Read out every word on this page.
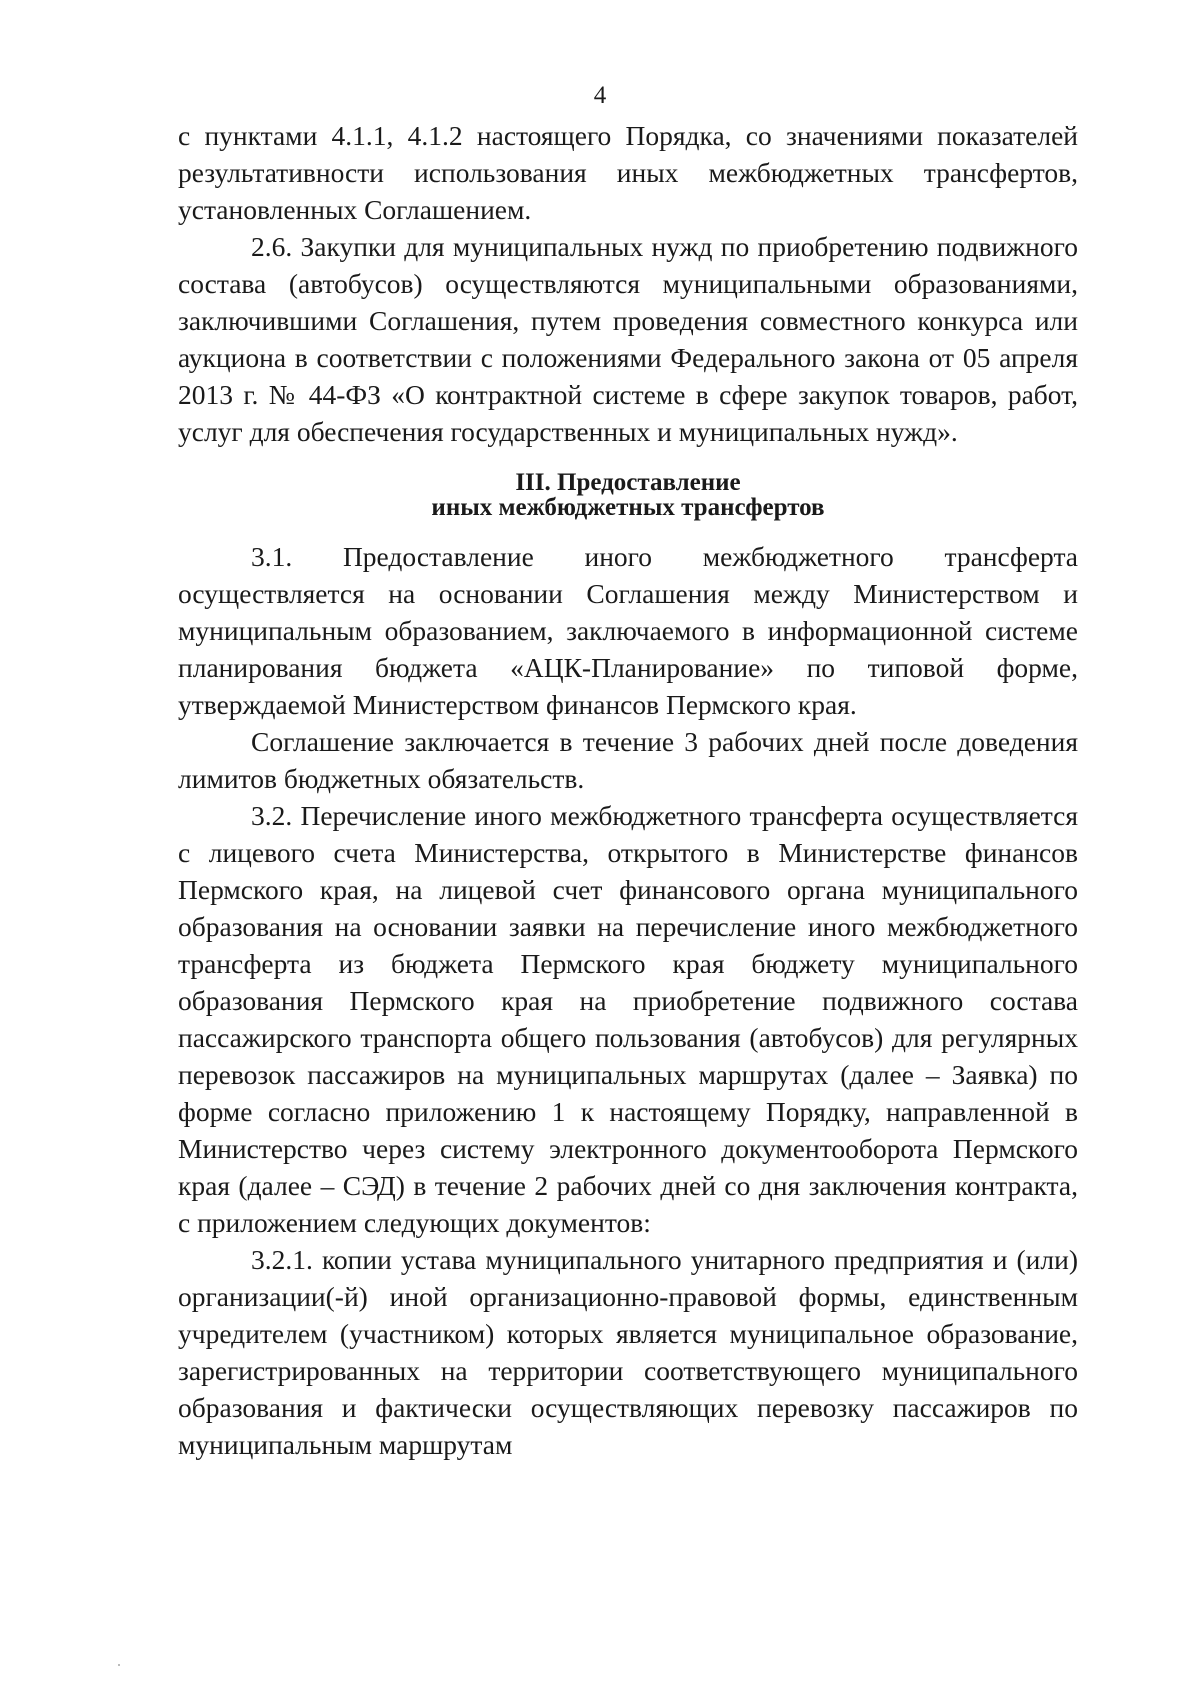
4

с пунктами 4.1.1, 4.1.2 настоящего Порядка, со значениями показателей результативности использования иных межбюджетных трансфертов, установленных Соглашением.

2.6. Закупки для муниципальных нужд по приобретению подвижного состава (автобусов) осуществляются муниципальными образованиями, заключившими Соглашения, путем проведения совместного конкурса или аукциона в соответствии с положениями Федерального закона от 05 апреля 2013 г. № 44-ФЗ «О контрактной системе в сфере закупок товаров, работ, услуг для обеспечения государственных и муниципальных нужд».

III. Предоставление
иных межбюджетных трансфертов

3.1. Предоставление иного межбюджетного трансферта осуществляется на основании Соглашения между Министерством и муниципальным образованием, заключаемого в информационной системе планирования бюджета «АЦК-Планирование» по типовой форме, утверждаемой Министерством финансов Пермского края.

Соглашение заключается в течение 3 рабочих дней после доведения лимитов бюджетных обязательств.

3.2. Перечисление иного межбюджетного трансферта осуществляется с лицевого счета Министерства, открытого в Министерстве финансов Пермского края, на лицевой счет финансового органа муниципального образования на основании заявки на перечисление иного межбюджетного трансферта из бюджета Пермского края бюджету муниципального образования Пермского края на приобретение подвижного состава пассажирского транспорта общего пользования (автобусов) для регулярных перевозок пассажиров на муниципальных маршрутах (далее – Заявка) по форме согласно приложению 1 к настоящему Порядку, направленной в Министерство через систему электронного документооборота Пермского края (далее – СЭД) в течение 2 рабочих дней со дня заключения контракта, с приложением следующих документов:

3.2.1. копии устава муниципального унитарного предприятия и (или) организации(-й) иной организационно-правовой формы, единственным учредителем (участником) которых является муниципальное образование, зарегистрированных на территории соответствующего муниципального образования и фактически осуществляющих перевозку пассажиров по муниципальным маршрутам
